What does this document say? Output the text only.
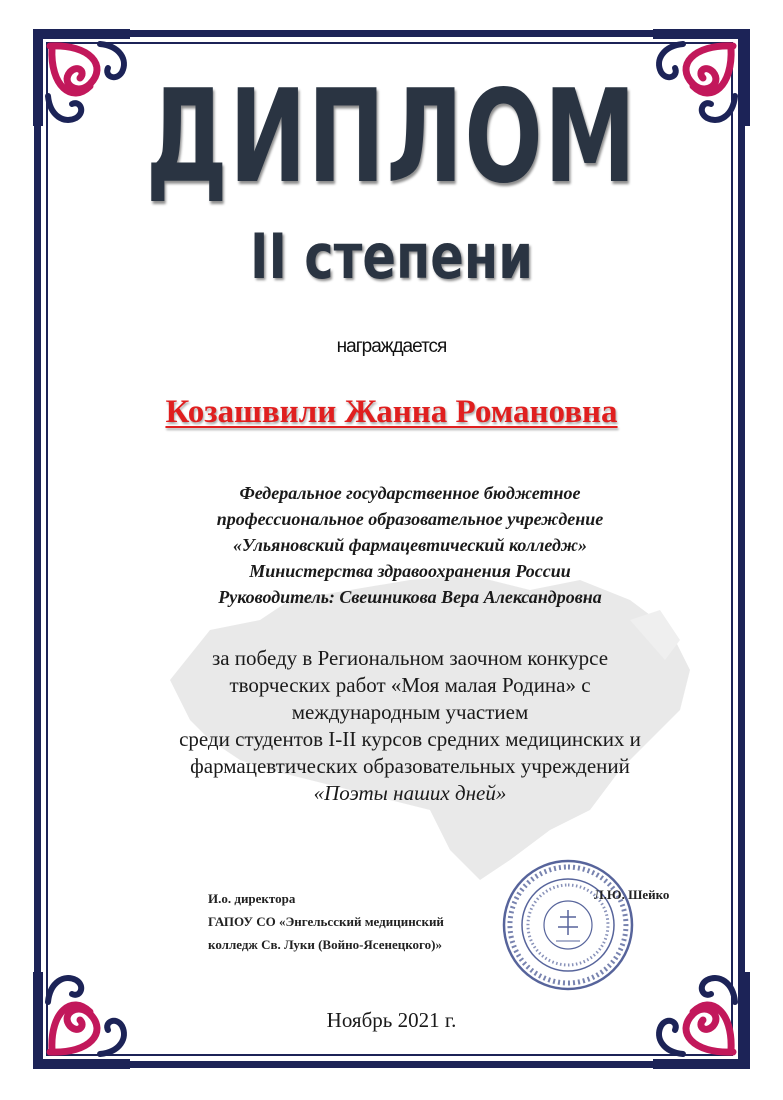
ДИПЛОМ
II степени
награждается
Козашвили Жанна Романовна
Федеральное государственное бюджетное
профессиональное образовательное учреждение
«Ульяновский фармацевтический колледж»
Министерства здравоохранения России
Руководитель: Свешникова Вера Александровна
за победу в Региональном заочном конкурсе
творческих работ «Моя малая Родина» с
международным участием
среди студентов I-II курсов средних медицинских и
фармацевтических образовательных учреждений
«Поэты наших дней»
И.о. директора
ГАПОУ СО «Энгельсский медицинский
колледж Св. Луки (Войно-Ясенецкого)»
Л.Ю. Шейко
Ноябрь 2021 г.
